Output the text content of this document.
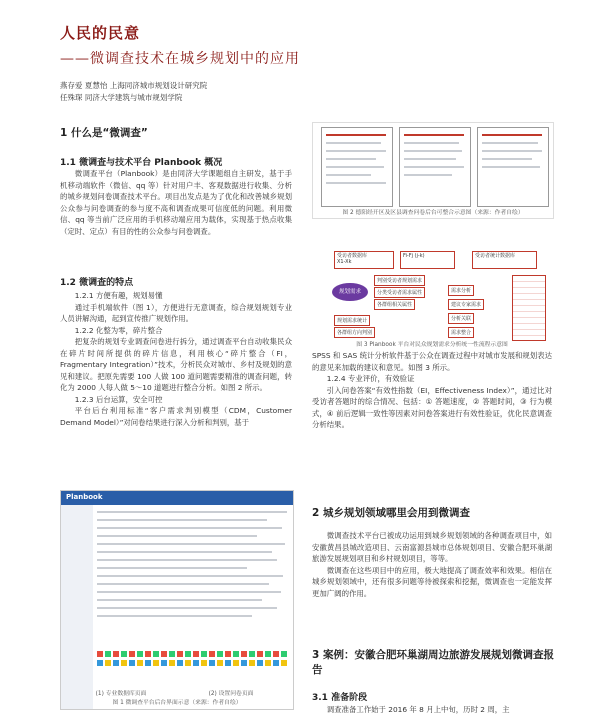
人民的民意
——微调查技术在城乡规划中的应用
燕存爱 夏慧怡 上海同济城市规划设计研究院
任殊琛 同济大学建筑与城市规划学院
1 什么是“微调查”
1.1 微调查与技术平台 Planbook 概况

微调查平台（Planbook）是由同济大学课题组自主研发，基于手机移动端软件（微信、qq 等）针对用户丰、客观数据进行收集、分析的城乡规划问卷调查技术平台。项目出发点是为了优化和改善城乡规划公众参与问卷调查的参与度不高和调查成果可信度低的问题。利用微信、qq 等当前广泛应用的手机移动端应用为载体，实现基于热点收集（定时、定点）有目的性的公众参与问卷调查。

1.2 微调查的特点

1.2.1 方便有趣，规划易懂

通过手机端软件（图 1），方便进行无意调查，综合规划规划专业人员讲解沟通，起到宣传推广规划作用。

1.2.2 化整为零，碎片整合

把复杂的规划专业调查问卷进行拆分，通过调查平台自动收集民众在碎片时间所提供的碎片信息，利用核心“碎片整合（FI，Fragmentary Integration）”技术，分析民众对城市、乡村及规划的意见和建议。把原先需要 100 人做 100 道问题需要精准的调查问题，转化为 2000 人每人做 5～10 道题进行整合分析。如图 2 所示。

1.2.3 后台运算，安全可控

平台后台利用标准“客户需求判别模型（CDM，Customer Demand Model）”对问卷结果进行深入分析和判别，基于

Planbook
(1) 专业数据库页面	(2) 设置问卷页面
图 1 微调查平台后台界面示意（来源：作者自绘）
图 2 德阳经开区及区县调查问卷后台可整合示意图（来源：作者自绘）
受访者数据库
X1-Xk
Fi-Fj (j-k)	受访者统计数据库
规划需求
判别受访者规划需求
分类受访者需求属性
各群组相关属性
规划需求统计
各群组方向判别
需求分析
建议专家需求
分析关联
需求整合
图 3 Planbook 平台对民众规划需求分析统一性流程示意图

SPSS 和 SAS 统计分析软件基于公众在调查过程中对城市发展和规划表达的意见来加载的建议和意见。如图 3 所示。

1.2.4 专业评价，有效验证

引入问卷答案“有效性指数（EI，Effectiveness Index）”，通过比对受访者答题时的综合情况、包括：① 答题速度，② 答题时间，③ 行为模式，④ 前后逻辑一致性等因素对问卷答案进行有效性验证，优化民意调查分析结果。

2 城乡规划领域哪里会用到微调查

微调查技术平台已被成功运用到城乡规划领域的各种调查项目中，如安徽黄昌县城改造项目、云南富源县城市总体规划项目、安徽合肥环巢湖旅游发展规划项目和乡村规划项目，等等。

微调查在这些项目中的应用，极大地提高了调查效率和效果。相信在城乡规划领域中，还有很多问题等待被探索和挖掘，微调查也一定能发挥更加广阔的作用。

3 案例：安徽合肥环巢湖周边旅游发展规划微调查报告
3.1 准备阶段

调查准备工作始于 2016 年 8 月上中旬，历时 2 周，主
